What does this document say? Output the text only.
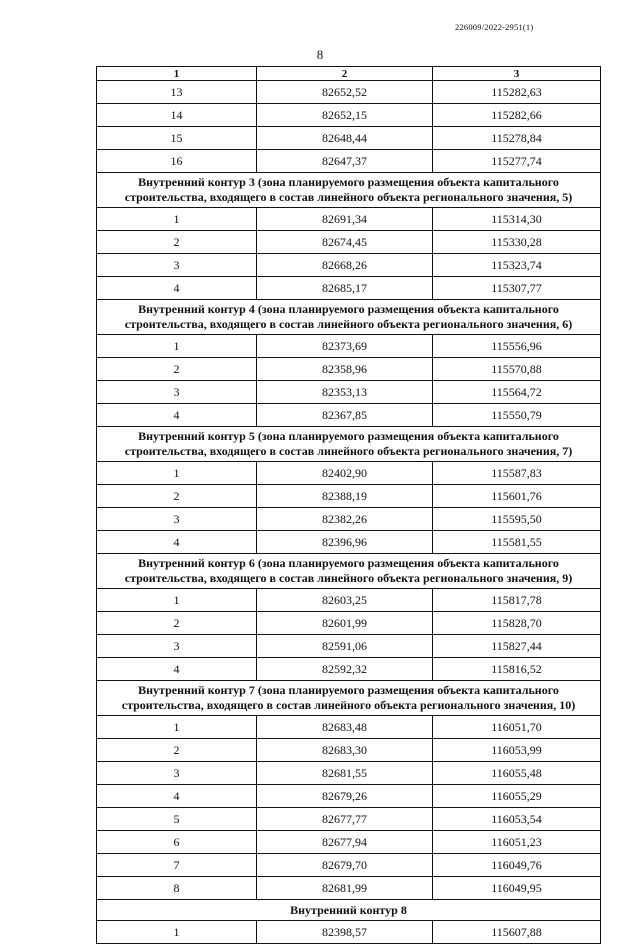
226009/2022-2951(1)
8
1	2	3
13	82652,52	115282,63
14	82652,15	115282,66
15	82648,44	115278,84
16	82647,37	115277,74
Внутренний контур 3 (зона планируемого размещения объекта капитального строительства, входящего в состав линейного объекта регионального значения, 5)		
1	82691,34	115314,30
2	82674,45	115330,28
3	82668,26	115323,74
4	82685,17	115307,77
Внутренний контур 4 (зона планируемого размещения объекта капитального строительства, входящего в состав линейного объекта регионального значения, 6)		
1	82373,69	115556,96
2	82358,96	115570,88
3	82353,13	115564,72
4	82367,85	115550,79
Внутренний контур 5 (зона планируемого размещения объекта капитального строительства, входящего в состав линейного объекта регионального значения, 7)		
1	82402,90	115587,83
2	82388,19	115601,76
3	82382,26	115595,50
4	82396,96	115581,55
Внутренний контур 6 (зона планируемого размещения объекта капитального строительства, входящего в состав линейного объекта регионального значения, 9)		
1	82603,25	115817,78
2	82601,99	115828,70
3	82591,06	115827,44
4	82592,32	115816,52
Внутренний контур 7 (зона планируемого размещения объекта капитального строительства, входящего в состав линейного объекта регионального значения, 10)		
1	82683,48	116051,70
2	82683,30	116053,99
3	82681,55	116055,48
4	82679,26	116055,29
5	82677,77	116053,54
6	82677,94	116051,23
7	82679,70	116049,76
8	82681,99	116049,95
Внутренний контур 8		
1	82398,57	115607,88
